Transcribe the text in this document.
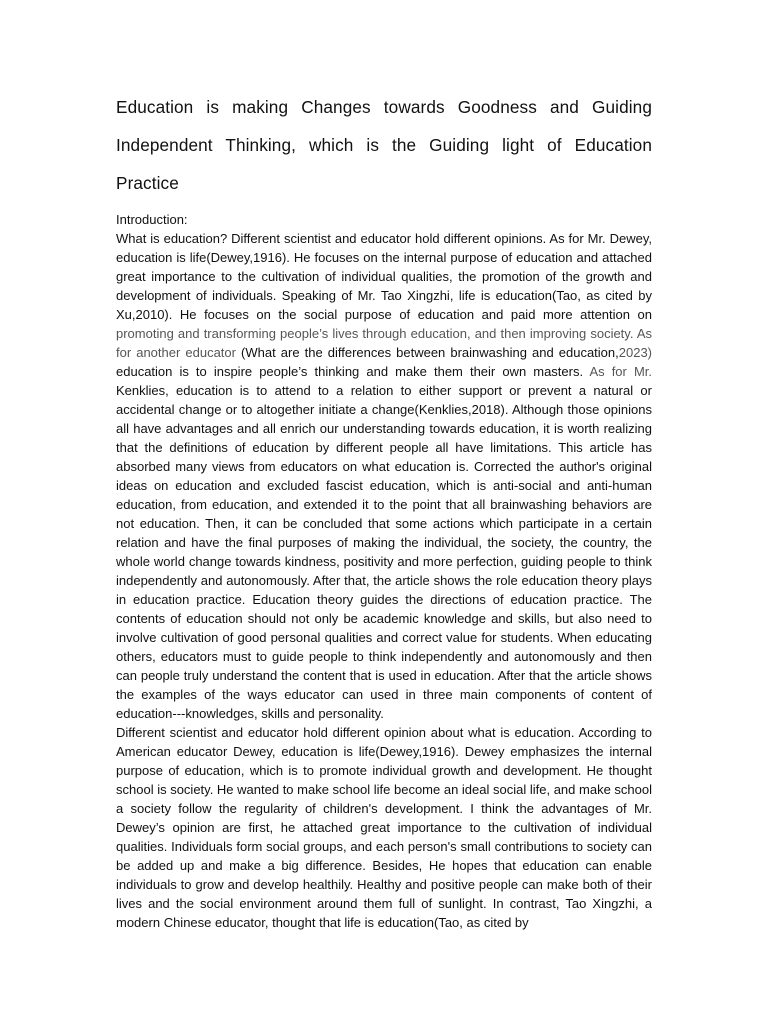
Education is making Changes towards Goodness and Guiding Independent Thinking, which is the Guiding light of Education Practice

Introduction:

What is education? Different scientist and educator hold different opinions. As for Mr. Dewey, education is life(Dewey,1916). He focuses on the internal purpose of education and attached great importance to the cultivation of individual qualities, the promotion of the growth and development of individuals. Speaking of Mr. Tao Xingzhi, life is education(Tao, as cited by Xu,2010). He focuses on the social purpose of education and paid more attention on promoting and transforming people’s lives through education, and then improving society. As for another educator (What are the differences between brainwashing and education,2023) education is to inspire people’s thinking and make them their own masters. As for Mr. Kenklies, education is to attend to a relation to either support or prevent a natural or accidental change or to altogether initiate a change(Kenklies,2018). Although those opinions all have advantages and all enrich our understanding towards education, it is worth realizing that the definitions of education by different people all have limitations. This article has absorbed many views from educators on what education is. Corrected the author's original ideas on education and excluded fascist education, which is anti-social and anti-human education, from education, and extended it to the point that all brainwashing behaviors are not education. Then, it can be concluded that some actions which participate in a certain relation and have the final purposes of making the individual, the society, the country, the whole world change towards kindness, positivity and more perfection, guiding people to think independently and autonomously. After that, the article shows the role education theory plays in education practice. Education theory guides the directions of education practice. The contents of education should not only be academic knowledge and skills, but also need to involve cultivation of good personal qualities and correct value for students. When educating others, educators must to guide people to think independently and autonomously and then can people truly understand the content that is used in education. After that the article shows the examples of the ways educator can used in three main components of content of education---knowledges, skills and personality.

Different scientist and educator hold different opinion about what is education. According to American educator Dewey, education is life(Dewey,1916). Dewey emphasizes the internal purpose of education, which is to promote individual growth and development. He thought school is society. He wanted to make school life become an ideal social life, and make school a society follow the regularity of children's development. I think the advantages of Mr. Dewey’s opinion are first, he attached great importance to the cultivation of individual qualities. Individuals form social groups, and each person's small contributions to society can be added up and make a big difference. Besides, He hopes that education can enable individuals to grow and develop healthily. Healthy and positive people can make both of their lives and the social environment around them full of sunlight. In contrast, Tao Xingzhi, a modern Chinese educator, thought that life is education(Tao, as cited by
